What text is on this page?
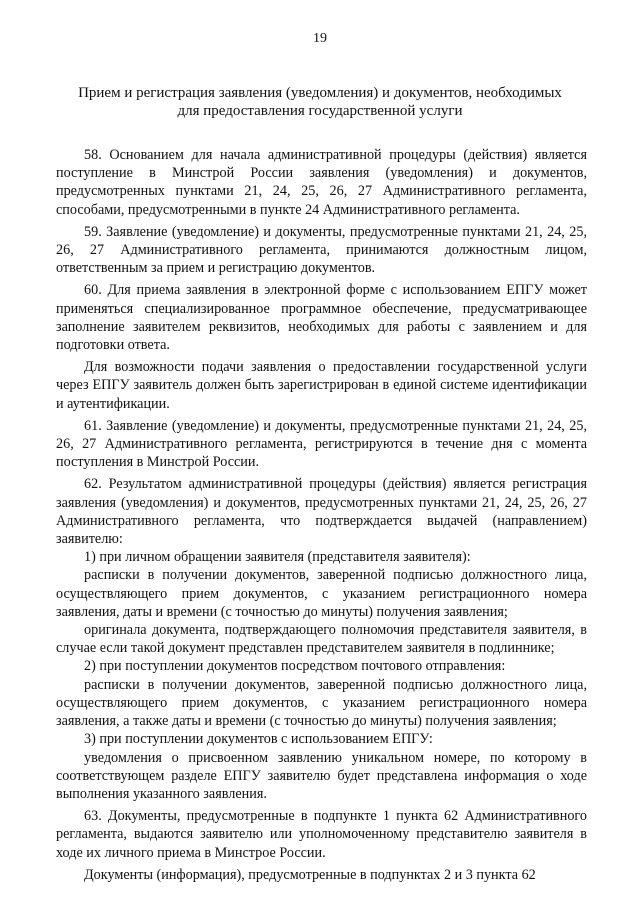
19
Прием и регистрация заявления (уведомления) и документов, необходимых
для предоставления государственной услуги

58. Основанием для начала административной процедуры (действия) является поступление в Минстрой России заявления (уведомления) и документов, предусмотренных пунктами 21, 24, 25, 26, 27 Административного регламента, способами, предусмотренными в пункте 24 Административного регламента.

59. Заявление (уведомление) и документы, предусмотренные пунктами 21, 24, 25, 26, 27 Административного регламента, принимаются должностным лицом, ответственным за прием и регистрацию документов.

60. Для приема заявления в электронной форме с использованием ЕПГУ может применяться специализированное программное обеспечение, предусматривающее заполнение заявителем реквизитов, необходимых для работы с заявлением и для подготовки ответа.

Для возможности подачи заявления о предоставлении государственной услуги через ЕПГУ заявитель должен быть зарегистрирован в единой системе идентификации и аутентификации.

61. Заявление (уведомление) и документы, предусмотренные пунктами 21, 24, 25, 26, 27 Административного регламента, регистрируются в течение дня с момента поступления в Минстрой России.

62. Результатом административной процедуры (действия) является регистрация заявления (уведомления) и документов, предусмотренных пунктами 21, 24, 25, 26, 27 Административного регламента, что подтверждается выдачей (направлением) заявителю:

1) при личном обращении заявителя (представителя заявителя):

расписки в получении документов, заверенной подписью должностного лица, осуществляющего прием документов, с указанием регистрационного номера заявления, даты и времени (с точностью до минуты) получения заявления;

оригинала документа, подтверждающего полномочия представителя заявителя, в случае если такой документ представлен представителем заявителя в подлиннике;

2) при поступлении документов посредством почтового отправления:

расписки в получении документов, заверенной подписью должностного лица, осуществляющего прием документов, с указанием регистрационного номера заявления, а также даты и времени (с точностью до минуты) получения заявления;

3) при поступлении документов с использованием ЕПГУ:

уведомления о присвоенном заявлению уникальном номере, по которому в соответствующем разделе ЕПГУ заявителю будет представлена информация о ходе выполнения указанного заявления.

63. Документы, предусмотренные в подпункте 1 пункта 62 Административного регламента, выдаются заявителю или уполномоченному представителю заявителя в ходе их личного приема в Минстрое России.

Документы (информация), предусмотренные в подпунктах 2 и 3 пункта 62
